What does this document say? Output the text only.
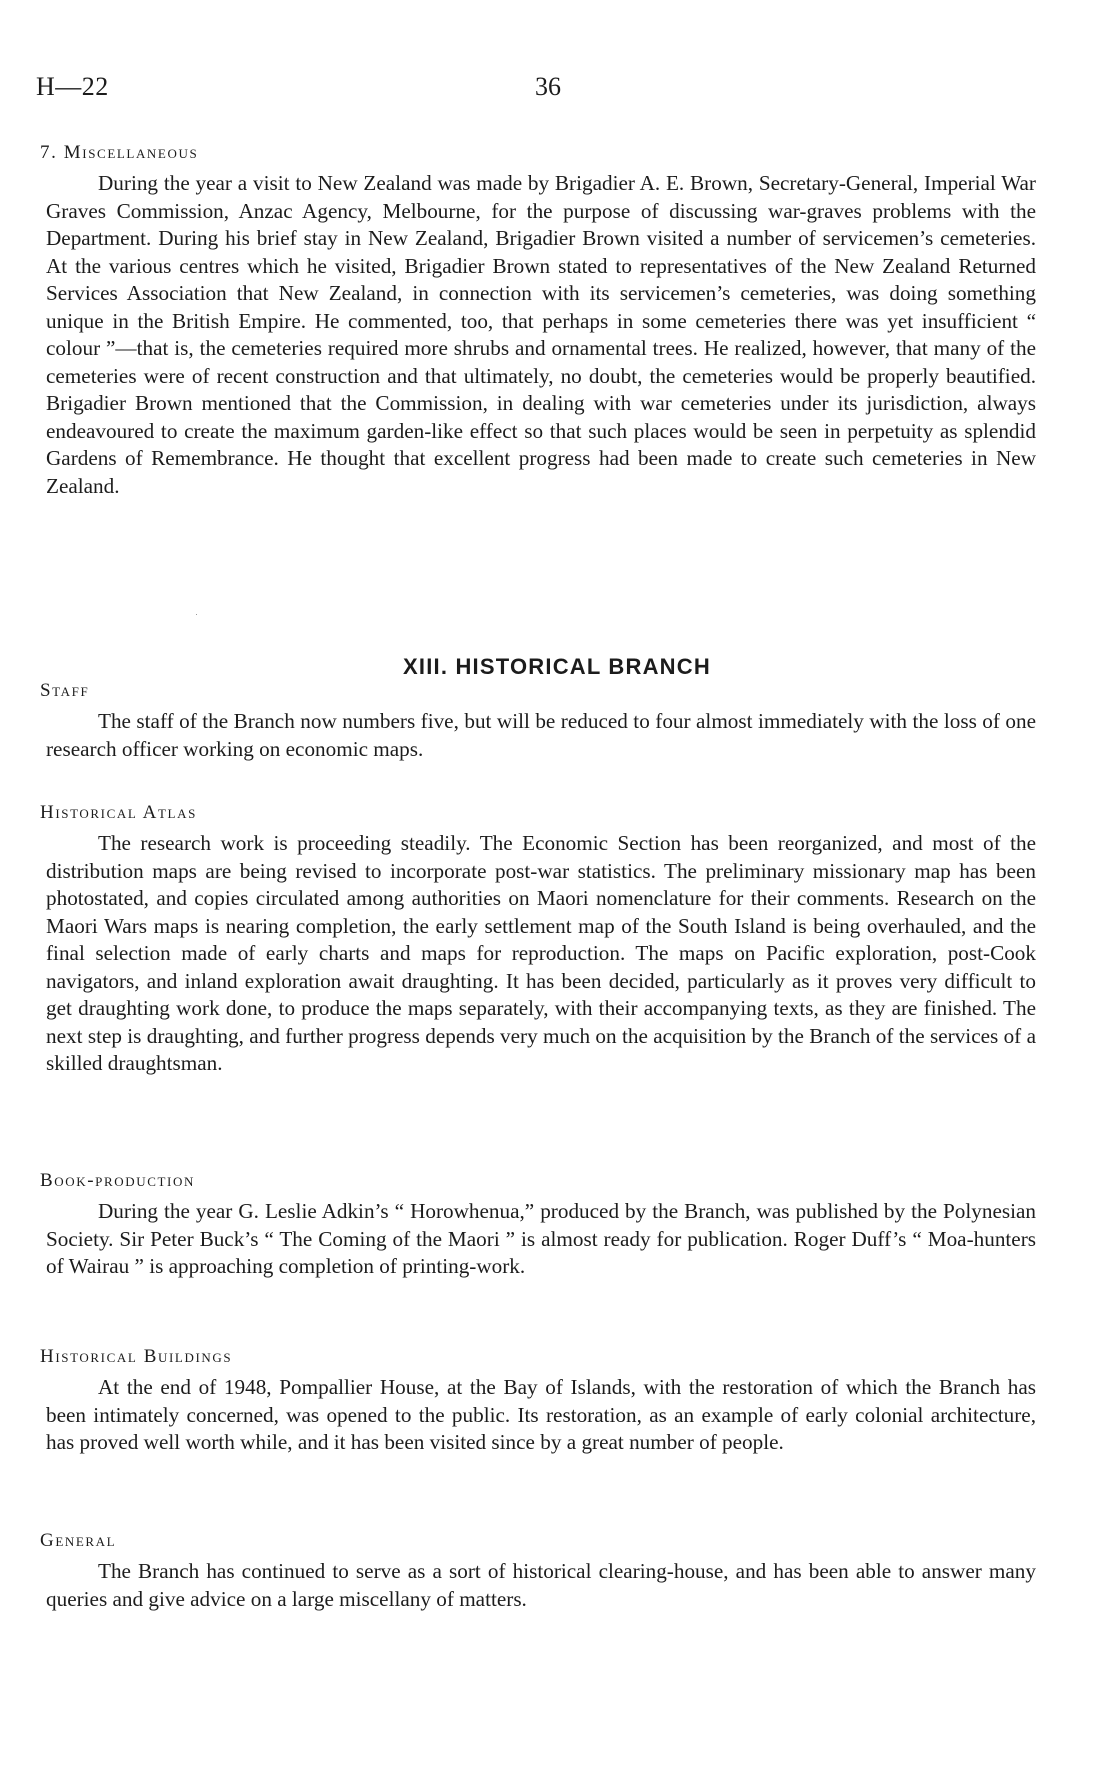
H—22	36
7. Miscellaneous

During the year a visit to New Zealand was made by Brigadier A. E. Brown, Secretary-General, Imperial War Graves Commission, Anzac Agency, Melbourne, for the purpose of discussing war-graves problems with the Department. During his brief stay in New Zealand, Brigadier Brown visited a number of servicemen’s cemeteries. At the various centres which he visited, Brigadier Brown stated to representatives of the New Zealand Returned Services Association that New Zealand, in connection with its servicemen’s cemeteries, was doing something unique in the British Empire. He commented, too, that perhaps in some cemeteries there was yet insufficient “ colour ”—that is, the cemeteries required more shrubs and ornamental trees. He realized, however, that many of the cemeteries were of recent construction and that ultimately, no doubt, the cemeteries would be properly beautified. Brigadier Brown mentioned that the Commission, in dealing with war cemeteries under its jurisdiction, always endeavoured to create the maximum garden-like effect so that such places would be seen in perpetuity as splendid Gardens of Remembrance. He thought that excellent progress had been made to create such cemeteries in New Zealand.

XIII. HISTORICAL BRANCH
Staff

The staff of the Branch now numbers five, but will be reduced to four almost immediately with the loss of one research officer working on economic maps.

Historical Atlas

The research work is proceeding steadily. The Economic Section has been reorganized, and most of the distribution maps are being revised to incorporate post-war statistics. The preliminary missionary map has been photostated, and copies circulated among authorities on Maori nomenclature for their comments. Research on the Maori Wars maps is nearing completion, the early settlement map of the South Island is being overhauled, and the final selection made of early charts and maps for reproduction. The maps on Pacific exploration, post-Cook navigators, and inland exploration await draughting. It has been decided, particularly as it proves very difficult to get draughting work done, to produce the maps separately, with their accompanying texts, as they are finished. The next step is draughting, and further progress depends very much on the acquisition by the Branch of the services of a skilled draughtsman.

Book-production

During the year G. Leslie Adkin’s “ Horowhenua,” produced by the Branch, was published by the Polynesian Society. Sir Peter Buck’s “ The Coming of the Maori ” is almost ready for publication. Roger Duff’s “ Moa-hunters of Wairau ” is approaching completion of printing-work.

Historical Buildings

At the end of 1948, Pompallier House, at the Bay of Islands, with the restoration of which the Branch has been intimately concerned, was opened to the public. Its restoration, as an example of early colonial architecture, has proved well worth while, and it has been visited since by a great number of people.

General

The Branch has continued to serve as a sort of historical clearing-house, and has been able to answer many queries and give advice on a large miscellany of matters.
